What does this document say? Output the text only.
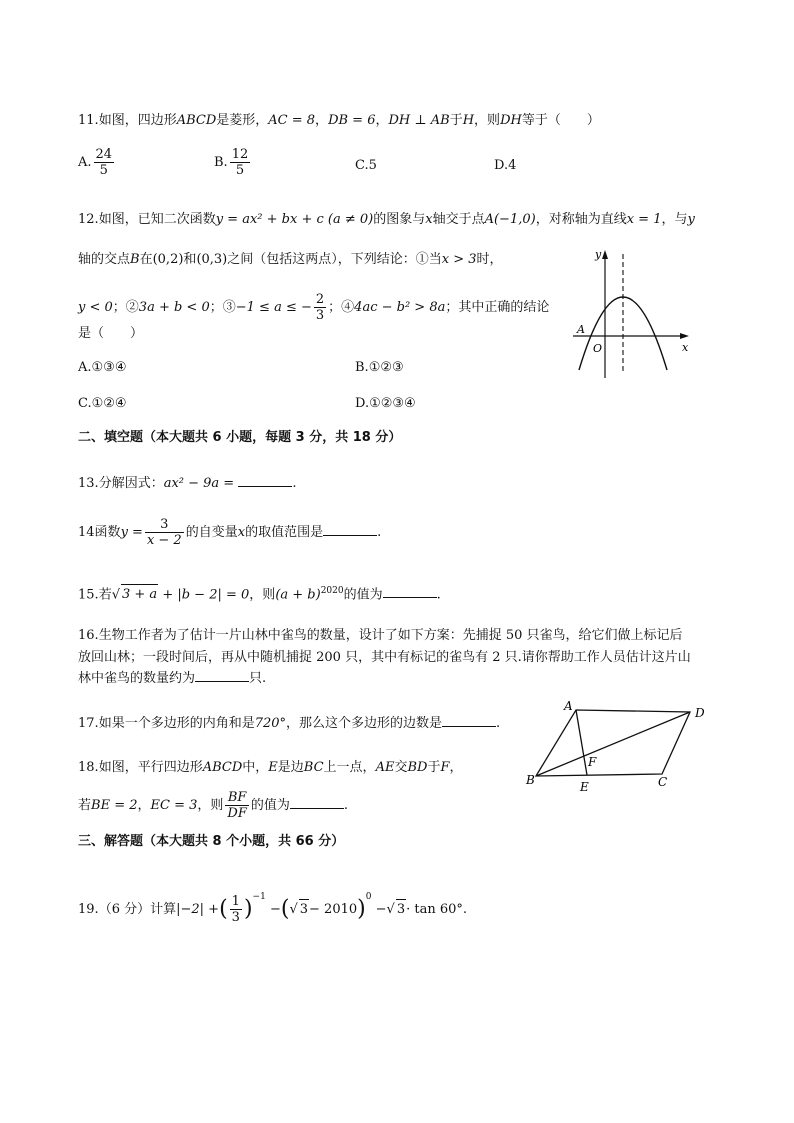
11.如图，四边形ABCD是菱形，AC = 8，DB = 6，DH ⊥ AB于H，则DH等于（ ）
A. $\frac{24}{5}$	B. $\frac{12}{5}$	C.5	D.4
12.如图，已知二次函数y = ax² + bx + c (a ≠ 0)的图象与x轴交于点A(−1,0)，对称轴为直线x = 1，与y
轴的交点B在(0,2)和(0,3)之间（包括这两点），下列结论：①当x > 3时，
y < 0；②3a + b < 0；③−1 ≤ a ≤ − $\frac{2}{3}$ ；④4ac − b² > 8a；其中正确的结论
是（ ）
A.①③④	B.①②③
C.①②④	D.①②③④
y
x
A
O
二、填空题（本大题共 6 小题，每题 3 分，共 18 分）
13.分解因式：ax² − 9a =	.
14函数$y = \frac{3}{x - 2}$ 的自变量x的取值范围是	.
15.若√ 3 + a + |b − 2| = 0，则$(a + b)^{2020}$的值为	.
16.生物工作者为了估计一片山林中雀鸟的数量，设计了如下方案：先捕捉 50 只雀鸟，给它们做上标记后
放回山林；一段时间后，再从中随机捕捉 200 只，其中有标记的雀鸟有 2 只.请你帮助工作人员估计这片山
林中雀鸟的数量约为	只.
17.如果一个多边形的内角和是720°，那么这个多边形的边数是	.
18.如图，平行四边形ABCD中，E是边BC上一点，AE交BD于F，
若BE = 2，EC = 3，则 $\frac{BF}{DF}$ 的值为	.
A	D
B	C
E
F
三、解答题（本大题共 8 个小题，共 66 分）
19.（6 分）计算|−2| +( $\frac{1}{3} )^{-1}$ −(√ 3− 2010)$^0$ −√ 3· tan 60°.
